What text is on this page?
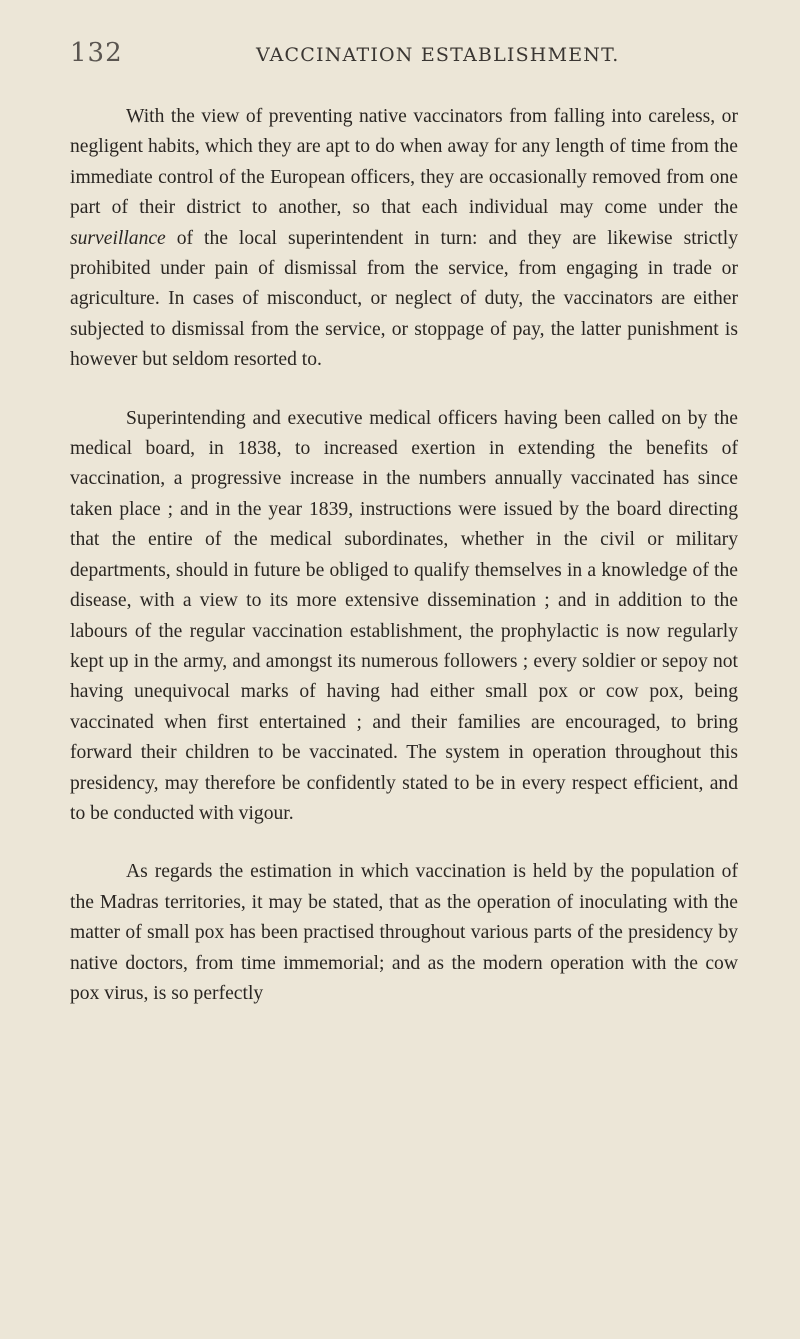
132	VACCINATION ESTABLISHMENT.

With the view of preventing native vaccinators from falling into careless, or negligent habits, which they are apt to do when away for any length of time from the immediate control of the European officers, they are occasionally removed from one part of their district to another, so that each individual may come under the surveillance of the local superintendent in turn: and they are likewise strictly prohibited under pain of dismissal from the service, from engaging in trade or agriculture. In cases of misconduct, or neglect of duty, the vaccinators are either subjected to dismissal from the service, or stoppage of pay, the latter punishment is however but seldom resorted to.

Superintending and executive medical officers having been called on by the medical board, in 1838, to increased exertion in extending the benefits of vaccination, a progressive increase in the numbers annually vaccinated has since taken place ; and in the year 1839, instructions were issued by the board directing that the entire of the medical subordinates, whether in the civil or military departments, should in future be obliged to qualify themselves in a knowledge of the disease, with a view to its more extensive dissemination ; and in addition to the labours of the regular vaccination establishment, the prophylactic is now regularly kept up in the army, and amongst its numerous followers ; every soldier or sepoy not having unequivocal marks of having had either small pox or cow pox, being vaccinated when first entertained ; and their families are encouraged, to bring forward their children to be vaccinated. The system in operation throughout this presidency, may therefore be confidently stated to be in every respect efficient, and to be conducted with vigour.

As regards the estimation in which vaccination is held by the population of the Madras territories, it may be stated, that as the operation of inoculating with the matter of small pox has been practised throughout various parts of the presidency by native doctors, from time immemorial; and as the modern operation with the cow pox virus, is so perfectly
